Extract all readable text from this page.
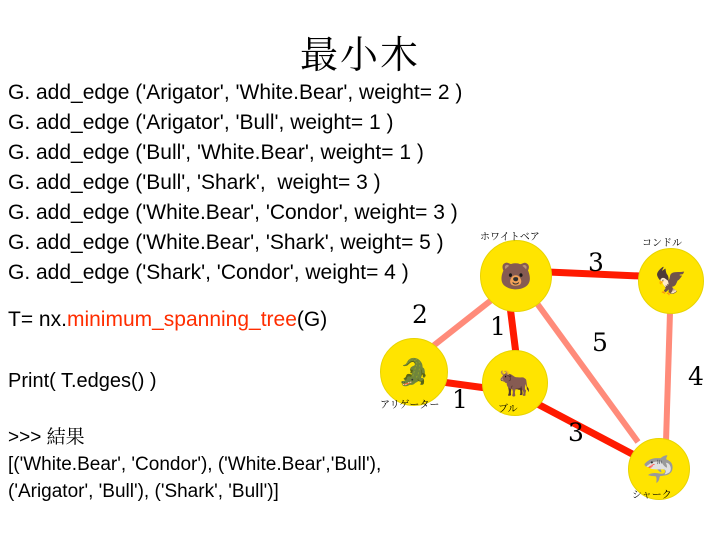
最小木
G. add_edge ('Arigator', 'White.Bear', weight= 2 )
G. add_edge ('Arigator', 'Bull', weight= 1 )
G. add_edge ('Bull', 'White.Bear', weight= 1 )
G. add_edge ('Bull', 'Shark',  weight= 3 )
G. add_edge ('White.Bear', 'Condor', weight= 3 )
G. add_edge ('White.Bear', 'Shark', weight= 5 )
G. add_edge ('Shark', 'Condor', weight= 4 )
T= nx.minimum_spanning_tree(G)
Print( T.edges() )
>>> 結果
[('White.Bear', 'Condor'), ('White.Bear','Bull'),
('Arigator', 'Bull'), ('Shark', 'Bull')]
🐻
ホワイトベア
🦅
コンドル
🐊
アリゲーター
🐂
ブル
🦈
シャーク
3
2 1
5
4
1
3
